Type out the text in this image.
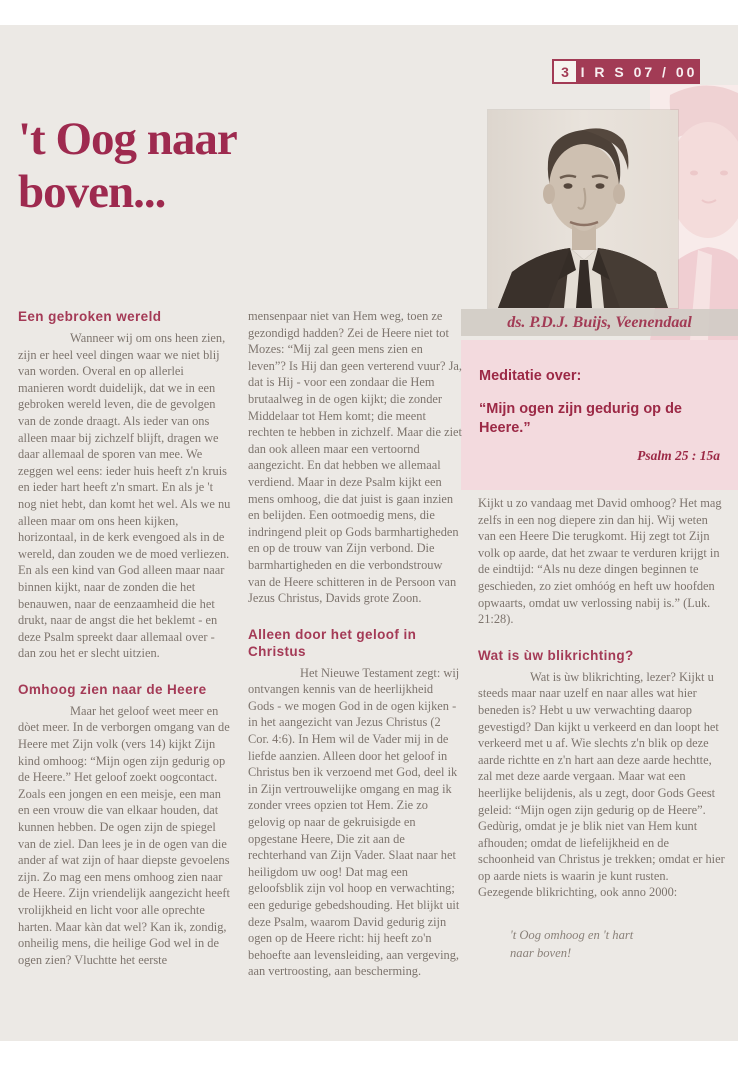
3 I R S 07 / 00
't Oog naar
boven...
ds. P.D.J. Buijs, Veenendaal
Meditatie over:
“Mijn ogen zijn gedurig op de Heere.”
Psalm 25 : 15a
Een gebroken wereld

Wanneer wij om ons heen zien, zijn er heel veel dingen waar we niet blij van worden. Overal en op allerlei manieren wordt duidelijk, dat we in een gebroken wereld leven, die de gevolgen van de zonde draagt. Als ieder van ons alleen maar bij zichzelf blijft, dragen we daar allemaal de sporen van mee. We zeggen wel eens: ieder huis heeft z'n kruis en ieder hart heeft z'n smart. En als je 't nog niet hebt, dan komt het wel. Als we nu alleen maar om ons heen kijken, horizontaal, in de kerk evengoed als in de wereld, dan zouden we de moed verliezen. En als een kind van God alleen maar naar binnen kijkt, naar de zonden die het benauwen, naar de eenzaamheid die het drukt, naar de angst die het beklemt - en deze Psalm spreekt daar allemaal over - dan zou het er slecht uitzien.

Omhoog zien naar de Heere

Maar het geloof weet meer en dòet meer. In de verborgen omgang van de Heere met Zijn volk (vers 14) kijkt Zijn kind omhoog: “Mijn ogen zijn gedurig op de Heere.” Het geloof zoekt oogcontact. Zoals een jongen en een meisje, een man en een vrouw die van elkaar houden, dat kunnen hebben. De ogen zijn de spiegel van de ziel. Dan lees je in de ogen van die ander af wat zijn of haar diepste gevoelens zijn. Zo mag een mens omhoog zien naar de Heere. Zijn vriendelijk aangezicht heeft vrolijkheid en licht voor alle oprechte harten. Maar kàn dat wel? Kan ik, zondig, onheilig mens, die heilige God wel in de ogen zien? Vluchtte het eerste

mensenpaar niet van Hem weg, toen ze gezondigd hadden? Zei de Heere niet tot Mozes: “Mij zal geen mens zien en leven”? Is Hij dan geen verterend vuur? Ja, dat is Hij - voor een zondaar die Hem brutaalweg in de ogen kijkt; die zonder Middelaar tot Hem komt; die meent rechten te hebben in zichzelf. Maar die ziet dan ook alleen maar een vertoornd aangezicht. En dat hebben we allemaal verdiend. Maar in deze Psalm kijkt een mens omhoog, die dat juist is gaan inzien en belijden. Een ootmoedig mens, die indringend pleit op Gods barmhartigheden en op de trouw van Zijn verbond. Die barmhartigheden en die verbondstrouw van de Heere schitteren in de Persoon van Jezus Christus, Davids grote Zoon.

Alleen door het geloof in Christus

Het Nieuwe Testament zegt: wij ontvangen kennis van de heerlijkheid Gods - we mogen God in de ogen kijken - in het aangezicht van Jezus Christus (2 Cor. 4:6). In Hem wil de Vader mij in de liefde aanzien. Alleen door het geloof in Christus ben ik verzoend met God, deel ik in Zijn vertrouwelijke omgang en mag ik zonder vrees opzien tot Hem. Zie zo gelovig op naar de gekruisigde en opgestane Heere, Die zit aan de rechterhand van Zijn Vader. Slaat naar het heiligdom uw oog! Dat mag een geloofsblik zijn vol hoop en verwachting; een gedurige gebedshouding. Het blijkt uit deze Psalm, waarom David gedurig zijn ogen op de Heere richt: hij heeft zo'n behoefte aan levensleiding, aan vergeving, aan vertroosting, aan bescherming.

Kijkt u zo vandaag met David omhoog? Het mag zelfs in een nog diepere zin dan hij. Wij weten van een Heere Die terugkomt. Hij zegt tot Zijn volk op aarde, dat het zwaar te verduren krijgt in de eindtijd: “Als nu deze dingen beginnen te geschieden, zo ziet omhóóg en heft uw hoofden opwaarts, omdat uw verlossing nabij is.” (Luk. 21:28).

Wat is ùw blikrichting?

Wat is ùw blikrichting, lezer? Kijkt u steeds maar naar uzelf en naar alles wat hier beneden is? Hebt u uw verwachting daarop gevestigd? Dan kijkt u verkeerd en dan loopt het verkeerd met u af. Wie slechts z'n blik op deze aarde richtte en z'n hart aan deze aarde hechtte, zal met deze aarde vergaan. Maar wat een heerlijke belijdenis, als u zegt, door Gods Geest geleid: “Mijn ogen zijn gedurig op de Heere”. Gedùrig, omdat je je blik niet van Hem kunt afhouden; omdat de liefelijkheid en de schoonheid van Christus je trekken; omdat er hier op aarde niets is waarin je kunt rusten. Gezegende blikrichting, ook anno 2000:

't Oog omhoog en 't hart
naar boven!
